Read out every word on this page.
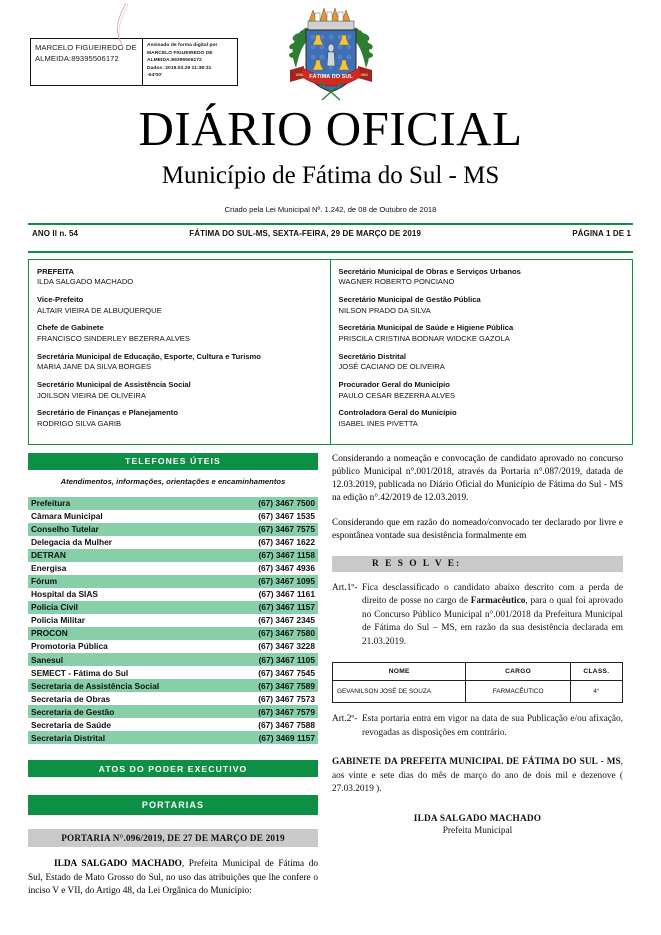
MARCELO FIGUEIREDO DE ALMEIDA:89395506172
Assinado de forma digital por
MARCELO FIGUEIREDO DE
ALMEIDA:89395506172
Dados: 2019.03.29 11:38:31
-04'00'	FÁTIMA DO SUL
1958	1963
DIÁRIO OFICIAL
Município de Fátima do Sul - MS
Criado pela Lei Municipal Nº. 1.242, de 08 de Outubro de 2018
ANO II n. 54	FÁTIMA DO SUL-MS, SEXTA-FEIRA, 29 DE MARÇO DE 2019	PÁGINA 1 DE 1
PREFEITA
ILDA SALGADO MACHADO
Vice-Prefeito
ALTAIR VIEIRA DE ALBUQUERQUE
Chefe de Gabinete
FRANCISCO SINDERLEY BEZERRA ALVES
Secretária Municipal de Educação, Esporte, Cultura e Turismo
MARIA JANE DA SILVA BORGES
Secretário Municipal de Assistência Social
JOILSON VIEIRA DE OLIVEIRA
Secretário de Finanças e Planejamento
RODRIGO SILVA GARIB
Secretário Municipal de Obras e Serviços Urbanos
WAGNER ROBERTO PONCIANO
Secretário Municipal de Gestão Pública
NILSON PRADO DA SILVA
Secretária Municipal de Saúde e Higiene Pública
PRISCILA CRISTINA BODNAR WIDCKE GAZOLA
Secretário Distrital
JOSÉ CACIANO DE OLIVEIRA
Procurador Geral do Município
PAULO CESAR BEZERRA ALVES
Controladora Geral do Município
ISABEL INES PIVETTA
TELEFONES ÚTEIS
Atendimentos, informações, orientações e encaminhamentos
Prefeitura	(67) 3467 7500
Câmara Municipal	(67) 3467 1535
Conselho Tutelar	(67) 3467 7575
Delegacia da Mulher	(67) 3467 1622
DETRAN	(67) 3467 1158
Energisa	(67) 3467 4936
Fórum	(67) 3467 1095
Hospital da SIAS	(67) 3467 1161
Policia Civil	(67) 3467 1157
Policia Militar	(67) 3467 2345
PROCON	(67) 3467 7580
Promotoria Pública	(67) 3467 3228
Sanesul	(67) 3467 1105
SEMECT - Fátima do Sul	(67) 3467 7545
Secretaria de Assistência Social	(67) 3467 7589
Secretaria de Obras	(67) 3467 7573
Secretaria de Gestão	(67) 3467 7579
Secretaria de Saúde	(67) 3467 7588
Secretaria Distrital	(67) 3469 1157
ATOS DO PODER EXECUTIVO
PORTARIAS
PORTARIA N°.096/2019, DE 27 DE MARÇO DE 2019
ILDA SALGADO MACHADO, Prefeita Municipal de Fátima do Sul, Estado de Mato Grosso do Sul, no uso das atribuições que lhe confere o inciso V e VII, do Artigo 48, da Lei Orgânica do Município:
Considerando a nomeação e convocação de candidato aprovado no concurso público Municipal n°.001/2018, através da Portaria n°.087/2019, datada de 12.03.2019, publicada no Diário Oficial do Município de Fátima do Sul - MS na edição n°.42/2019 de 12.03.2019.
Considerando que em razão do nomeado/convocado ter declarado por livre e espontânea vontade sua desistência formalmente em
R E S O L V E:
Art.1º- Fica desclassificado o candidato abaixo descrito com a perda de direito de posse no cargo de Farmacêutico, para o qual foi aprovado no Concurso Público Municipal n°.001/2018 da Prefeitura Municipal de Fátima do Sul – MS, em razão da sua desistência declarada em 21.03.2019.
NOME	CARGO	CLASS.
GEVANILSON JOSÉ DE SOUZA	FARMACÊUTICO	4°
Art.2º- Esta portaria entra em vigor na data de sua Publicação e/ou afixação, revogadas as disposições em contrário.
GABINETE DA PREFEITA MUNICIPAL DE FÁTIMA DO SUL - MS, aos vinte e sete dias do mês de março do ano de dois mil e dezenove ( 27.03.2019 ).
ILDA SALGADO MACHADO
Prefeita Municipal
